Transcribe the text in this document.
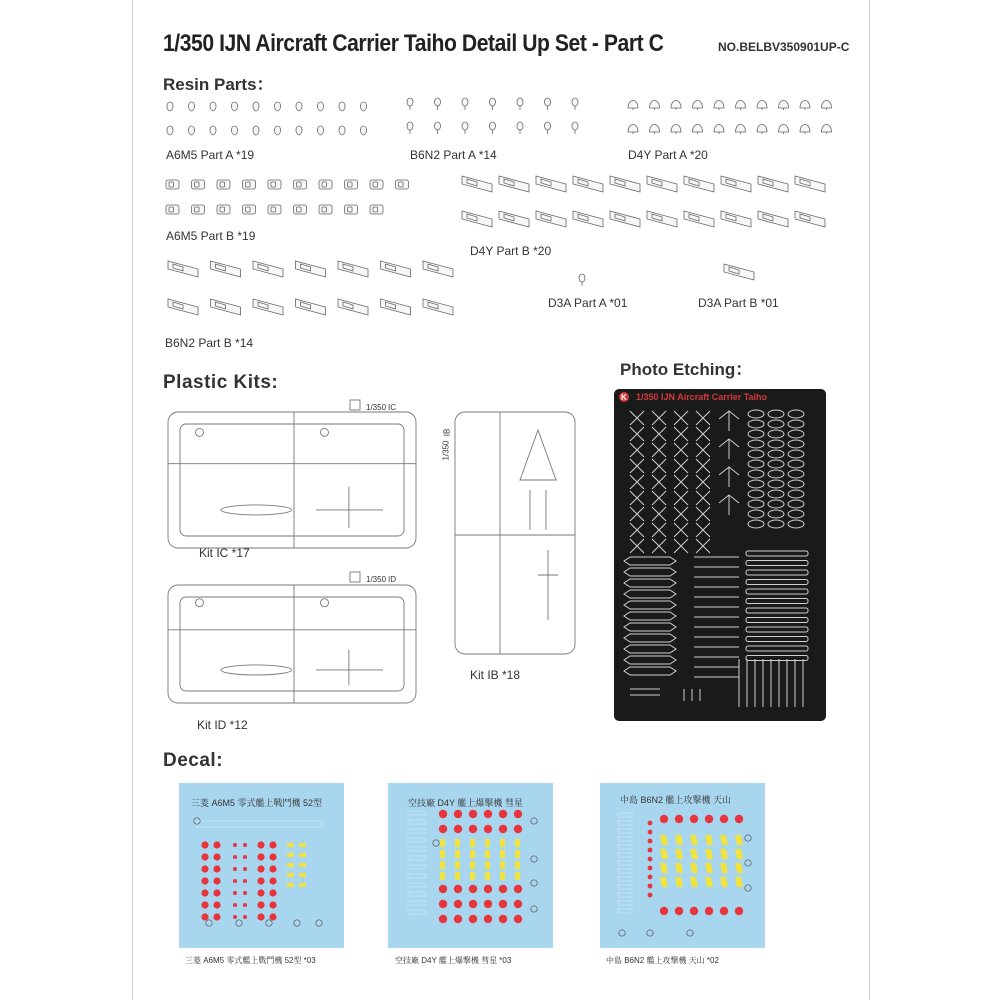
1/350 IJN Aircraft Carrier Taiho Detail Up Set - Part C	NO.BELBV350901UP-C
Resin Parts：
A6M5 Part A *19	B6N2 Part A *14	D4Y Part A *20
A6M5 Part B *19
D4Y Part B *20
D3A Part A *01	D3A Part B *01
B6N2 Part B *14
Photo Etching：
K 1/350 IJN Aircraft Carrier Taiho
Plastic Kits:
1/350 IC
1/350 ID
1/350
IB
Kit IC *17
Kit ID *12
Kit IB *18
Decal:
三菱 A6M5 零式艦上戰鬥機 52型	空技廠 D4Y 艦上爆撃機 彗星	中島 B6N2 艦上攻撃機 天山
三菱 A6M5 零式艦上戰鬥機 52型 *03	空技廠 D4Y 艦上爆撃機 彗星 *03	中島 B6N2 艦上攻撃機 天山 *02
